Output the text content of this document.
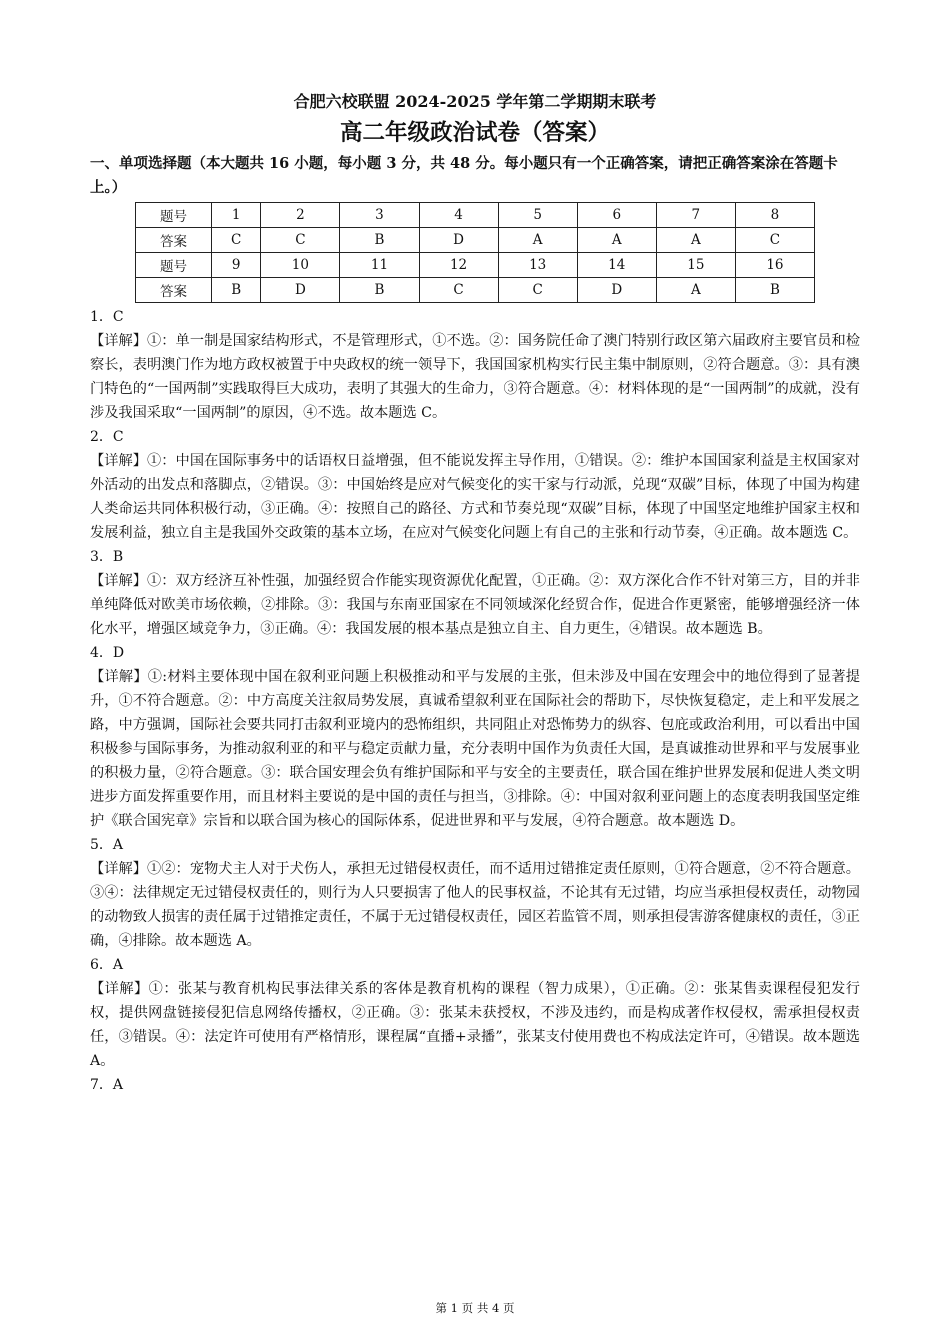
合肥六校联盟 2024-2025 学年第二学期期末联考

高二年级政治试卷（答案）

一、单项选择题（本大题共 16 小题，每小题 3 分，共 48 分。每小题只有一个正确答案，请把正确答案涂在答题卡上。）

题号	1	2	3	4	5	6	7	8
答案	C	C	B	D	A	A	A	C
题号	9	10	11	12	13	14	15	16
答案	B	D	B	C	C	D	A	B

1．C

【详解】①：单一制是国家结构形式，不是管理形式，①不选。②：国务院任命了澳门特别行政区第六届政府主要官员和检察长，表明澳门作为地方政权被置于中央政权的统一领导下，我国国家机构实行民主集中制原则，②符合题意。③：具有澳门特色的“一国两制”实践取得巨大成功，表明了其强大的生命力，③符合题意。④：材料体现的是“一国两制”的成就，没有涉及我国采取“一国两制”的原因，④不选。故本题选 C。

2．C

【详解】①：中国在国际事务中的话语权日益增强，但不能说发挥主导作用，①错误。②：维护本国国家利益是主权国家对外活动的出发点和落脚点，②错误。③：中国始终是应对气候变化的实干家与行动派，兑现“双碳”目标，体现了中国为构建人类命运共同体积极行动，③正确。④：按照自己的路径、方式和节奏兑现“双碳”目标，体现了中国坚定地维护国家主权和发展利益，独立自主是我国外交政策的基本立场，在应对气候变化问题上有自己的主张和行动节奏，④正确。故本题选 C。

3．B

【详解】①：双方经济互补性强，加强经贸合作能实现资源优化配置，①正确。②：双方深化合作不针对第三方，目的并非单纯降低对欧美市场依赖，②排除。③：我国与东南亚国家在不同领域深化经贸合作，促进合作更紧密，能够增强经济一体化水平，增强区域竞争力，③正确。④：我国发展的根本基点是独立自主、自力更生，④错误。故本题选 B。

4．D

【详解】①:材料主要体现中国在叙利亚问题上积极推动和平与发展的主张，但未涉及中国在安理会中的地位得到了显著提升，①不符合题意。②：中方高度关注叙局势发展，真诚希望叙利亚在国际社会的帮助下，尽快恢复稳定，走上和平发展之路，中方强调，国际社会要共同打击叙利亚境内的恐怖组织，共同阻止对恐怖势力的纵容、包庇或政治利用，可以看出中国积极参与国际事务，为推动叙利亚的和平与稳定贡献力量，充分表明中国作为负责任大国，是真诚推动世界和平与发展事业的积极力量，②符合题意。③：联合国安理会负有维护国际和平与安全的主要责任，联合国在维护世界发展和促进人类文明进步方面发挥重要作用，而且材料主要说的是中国的责任与担当，③排除。④：中国对叙利亚问题上的态度表明我国坚定维护《联合国宪章》宗旨和以联合国为核心的国际体系，促进世界和平与发展，④符合题意。故本题选 D。

5．A

【详解】①②：宠物犬主人对于犬伤人，承担无过错侵权责任，而不适用过错推定责任原则，①符合题意，②不符合题意。③④：法律规定无过错侵权责任的，则行为人只要损害了他人的民事权益，不论其有无过错，均应当承担侵权责任，动物园的动物致人损害的责任属于过错推定责任，不属于无过错侵权责任，园区若监管不周，则承担侵害游客健康权的责任，③正确，④排除。故本题选 A。

6．A

【详解】①：张某与教育机构民事法律关系的客体是教育机构的课程（智力成果），①正确。②：张某售卖课程侵犯发行权，提供网盘链接侵犯信息网络传播权，②正确。③：张某未获授权，不涉及违约，而是构成著作权侵权，需承担侵权责任，③错误。④：法定许可使用有严格情形，课程属“直播+录播”，张某支付使用费也不构成法定许可，④错误。故本题选 A。

7．A

第 1 页 共 4 页
